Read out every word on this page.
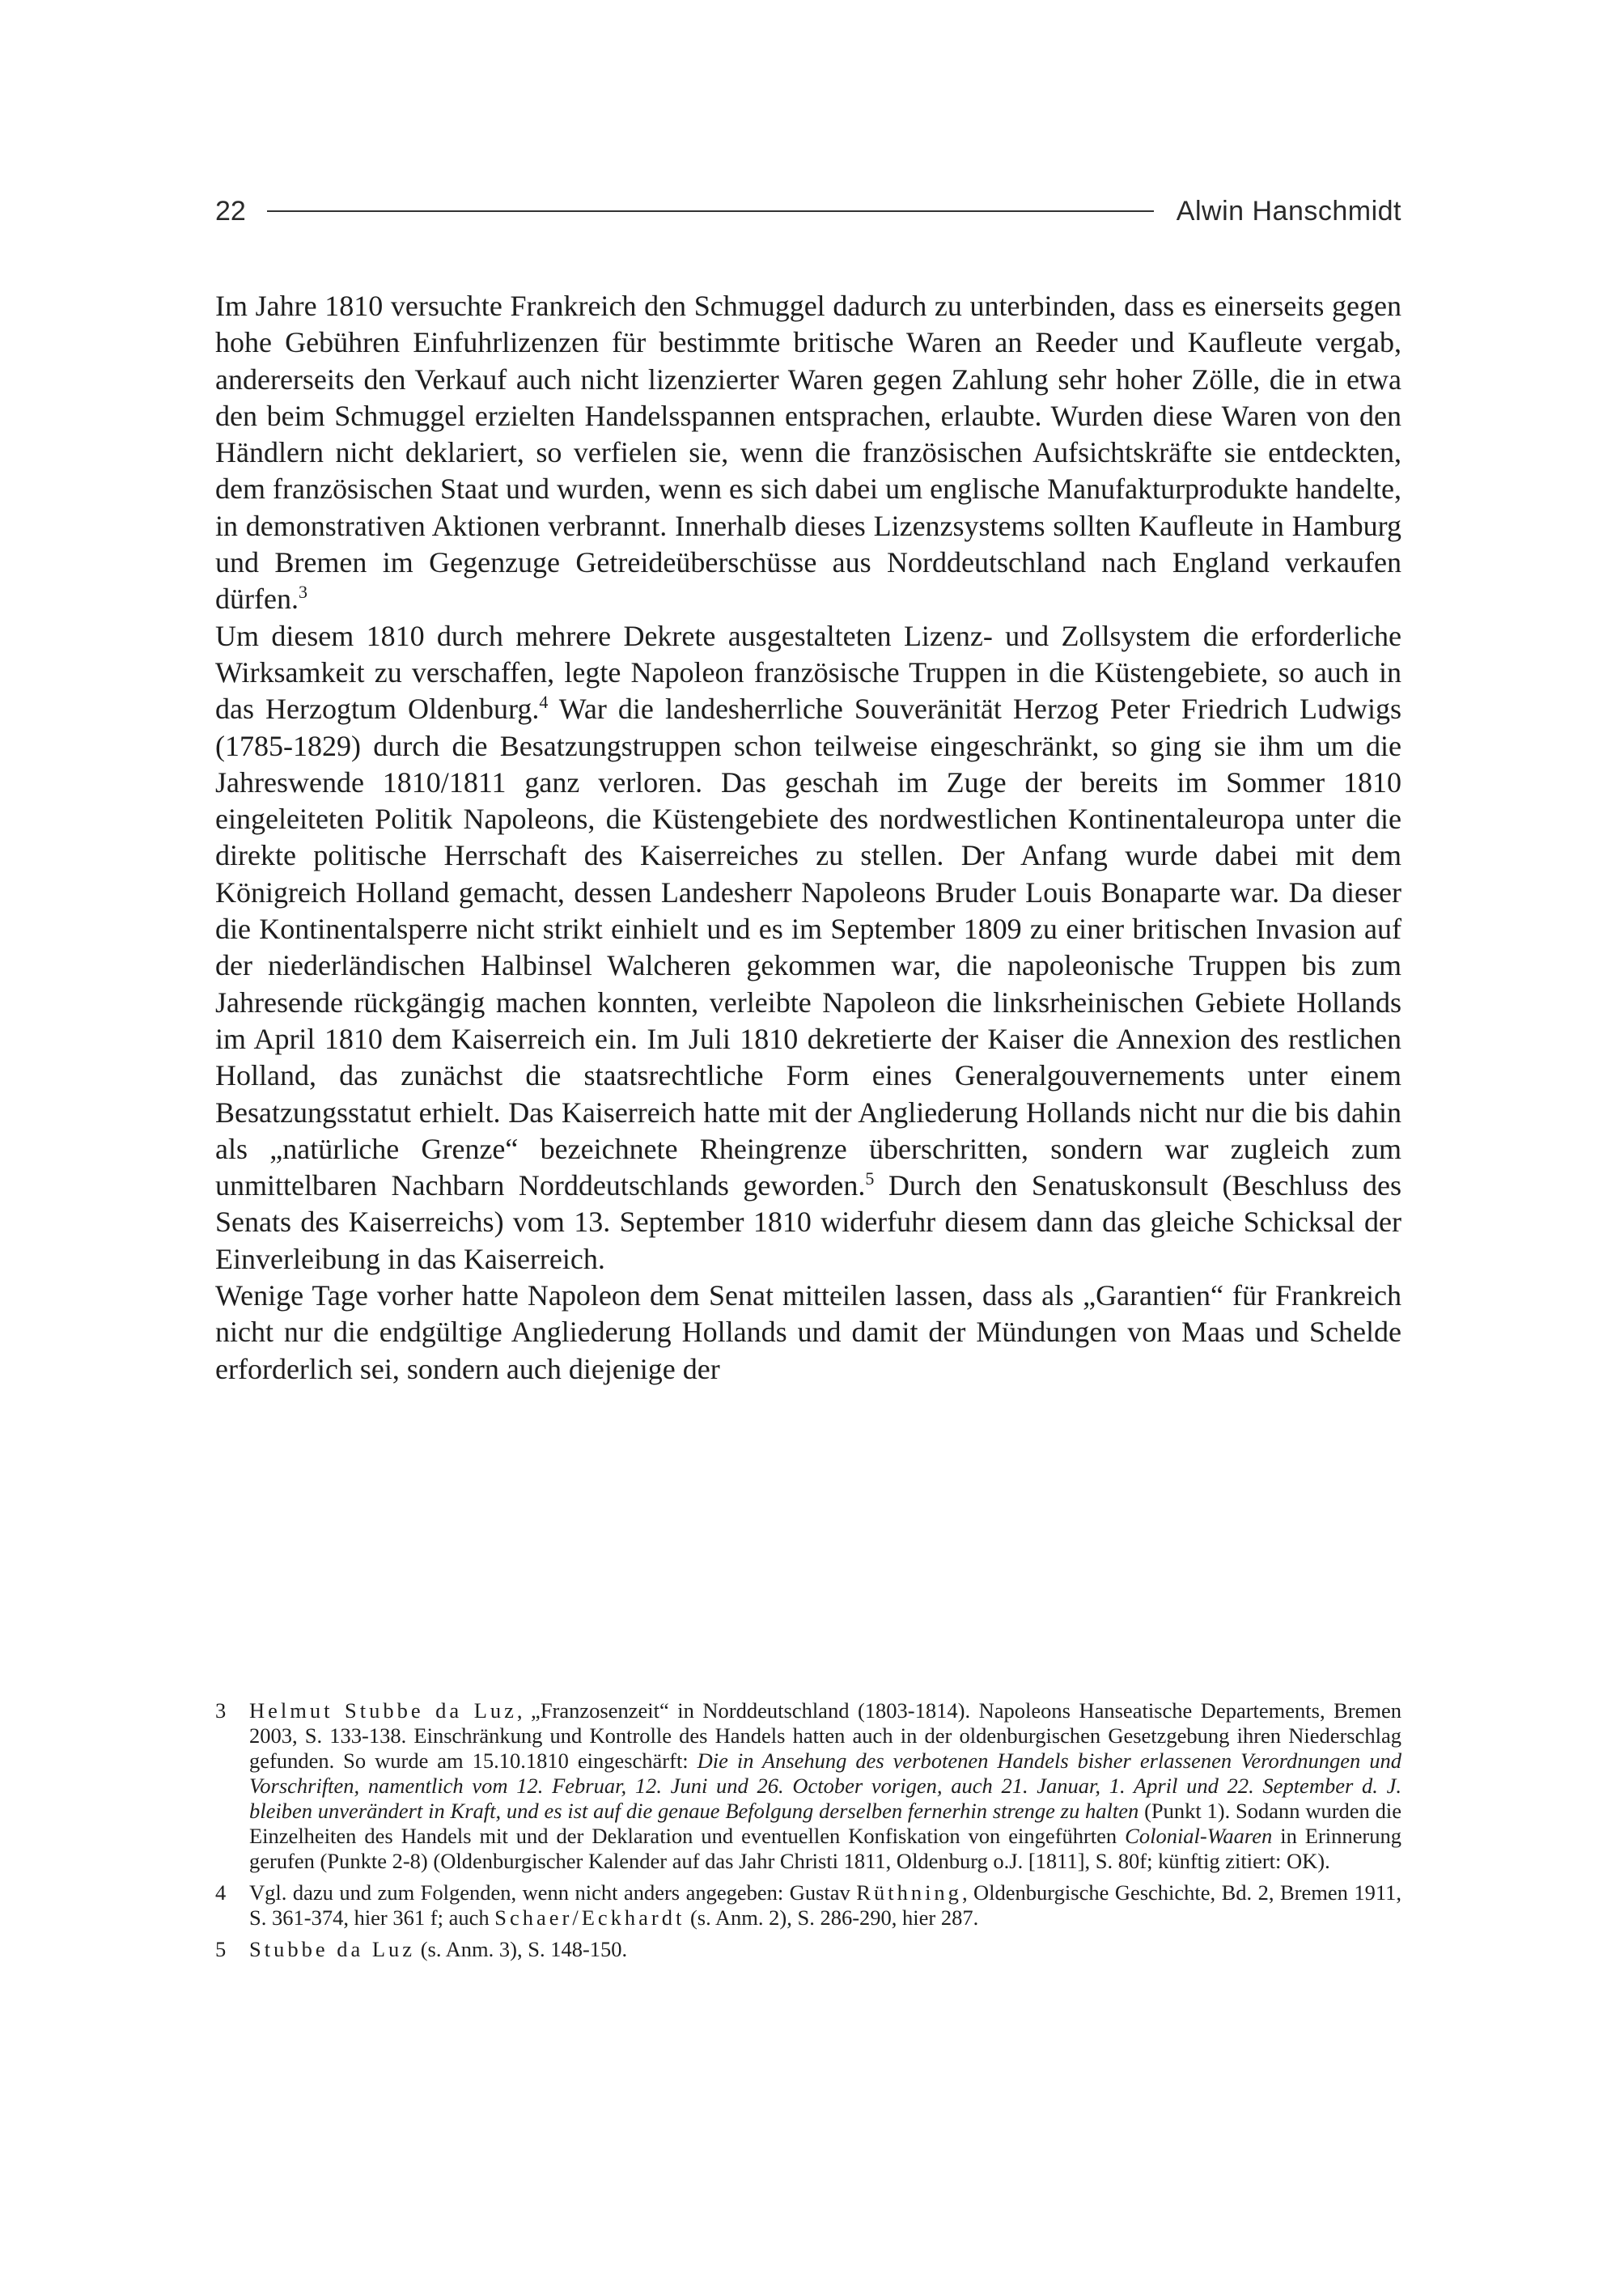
22	Alwin Hanschmidt

Im Jahre 1810 versuchte Frankreich den Schmuggel dadurch zu unterbinden, dass es einerseits gegen hohe Gebühren Einfuhrlizenzen für bestimmte britische Waren an Reeder und Kaufleute vergab, andererseits den Verkauf auch nicht lizenzierter Waren gegen Zahlung sehr hoher Zölle, die in etwa den beim Schmuggel erzielten Handelsspannen entsprachen, erlaubte. Wurden diese Waren von den Händlern nicht deklariert, so verfielen sie, wenn die französischen Aufsichtskräfte sie entdeckten, dem französischen Staat und wurden, wenn es sich dabei um englische Manufakturprodukte handelte, in demonstrativen Aktionen verbrannt. Innerhalb dieses Lizenzsystems sollten Kaufleute in Hamburg und Bremen im Gegenzuge Getreideüberschüsse aus Norddeutschland nach England verkaufen dürfen.$^3$

Um diesem 1810 durch mehrere Dekrete ausgestalteten Lizenz- und Zollsystem die erforderliche Wirksamkeit zu verschaffen, legte Napoleon französische Truppen in die Küstengebiete, so auch in das Herzogtum Oldenburg.$^4$ War die landesherrliche Souveränität Herzog Peter Friedrich Ludwigs (1785-1829) durch die Besatzungstruppen schon teilweise eingeschränkt, so ging sie ihm um die Jahreswende 1810/1811 ganz verloren. Das geschah im Zuge der bereits im Sommer 1810 eingeleiteten Politik Napoleons, die Küstengebiete des nordwestlichen Kontinentaleuropa unter die direkte politische Herrschaft des Kaiserreiches zu stellen. Der Anfang wurde dabei mit dem Königreich Holland gemacht, dessen Landesherr Napoleons Bruder Louis Bonaparte war. Da dieser die Kontinentalsperre nicht strikt einhielt und es im September 1809 zu einer britischen Invasion auf der niederländischen Halbinsel Walcheren gekommen war, die napoleonische Truppen bis zum Jahresende rückgängig machen konnten, verleibte Napoleon die linksrheinischen Gebiete Hollands im April 1810 dem Kaiserreich ein. Im Juli 1810 dekretierte der Kaiser die Annexion des restlichen Holland, das zunächst die staatsrechtliche Form eines Generalgouvernements unter einem Besatzungsstatut erhielt. Das Kaiserreich hatte mit der Angliederung Hollands nicht nur die bis dahin als „natürliche Grenze“ bezeichnete Rheingrenze überschritten, sondern war zugleich zum unmittelbaren Nachbarn Norddeutschlands geworden.$^5$ Durch den Senatuskonsult (Beschluss des Senats des Kaiserreichs) vom 13. September 1810 widerfuhr diesem dann das gleiche Schicksal der Einverleibung in das Kaiserreich.

Wenige Tage vorher hatte Napoleon dem Senat mitteilen lassen, dass als „Garantien“ für Frankreich nicht nur die endgültige Angliederung Hollands und damit der Mündungen von Maas und Schelde erforderlich sei, sondern auch diejenige der

3	Helmut Stubbe da Luz, „Franzosenzeit“ in Norddeutschland (1803-1814). Napoleons Hanseatische Departements, Bremen 2003, S. 133-138. Einschränkung und Kontrolle des Handels hatten auch in der oldenburgischen Gesetzgebung ihren Niederschlag gefunden. So wurde am 15.10.1810 eingeschärft: Die in Ansehung des verbotenen Handels bisher erlassenen Verordnungen und Vorschriften, namentlich vom 12. Februar, 12. Juni und 26. October vorigen, auch 21. Januar, 1. April und 22. September d. J. bleiben unverändert in Kraft, und es ist auf die genaue Befolgung derselben fernerhin strenge zu halten (Punkt 1). Sodann wurden die Einzelheiten des Handels mit und der Deklaration und eventuellen Konfiskation von eingeführten Colonial-Waaren in Erinnerung gerufen (Punkte 2-8) (Oldenburgischer Kalender auf das Jahr Christi 1811, Oldenburg o.J. [1811], S. 80f; künftig zitiert: OK).
4	Vgl. dazu und zum Folgenden, wenn nicht anders angegeben: Gustav Rüthning, Oldenburgische Geschichte, Bd. 2, Bremen 1911, S. 361-374, hier 361 f; auch Schaer/Eckhardt (s. Anm. 2), S. 286-290, hier 287.
5	Stubbe da Luz (s. Anm. 3), S. 148-150.
